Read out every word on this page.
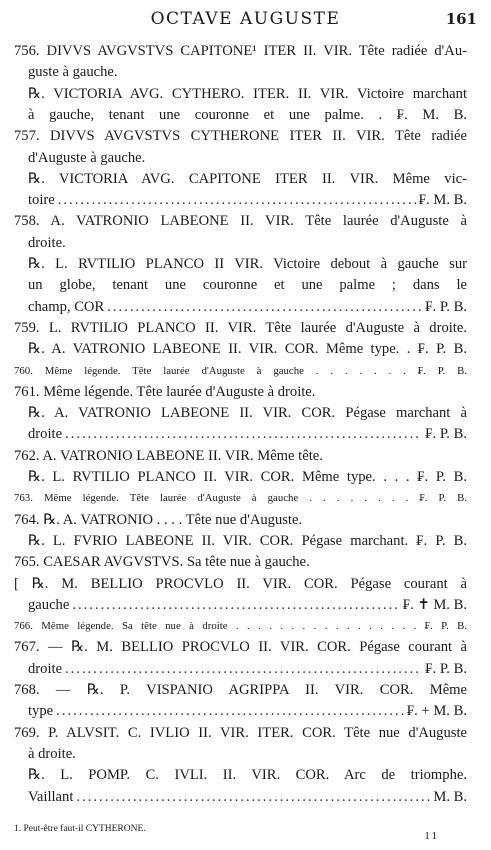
OCTAVE AUGUSTE	161
756. DIVVS AVGVSTVS CAPITONE¹ ITER II. VIR. Tête radiée d'Au-
guste à gauche.
℞. VICTORIA AVG. CYTHERO. ITER. II. VIR. Victoire marchant
à gauche, tenant une couronne et une palme. . ₣. M. B.
757. DIVVS AVGVSTVS CYTHERONE ITER II. VIR. Tête radiée
d'Auguste à gauche.
℞. VICTORIA AVG. CAPITONE ITER II. VIR. Même vic-
toire .....	₣. M. B.
758. A. VATRONIO LABEONE II. VIR. Tête laurée d'Auguste à
droite.
℞. L. RVTILIO PLANCO II VIR. Victoire debout à gauche sur
un globe, tenant une couronne et une palme ; dans le
champ, COR .....	₣. P. B.
759. L. RVTILIO PLANCO II. VIR. Tête laurée d'Auguste à droite.
℞. A. VATRONIO LABEONE II. VIR. COR. Même type. . ₣. P. B.
760. Même légende. Tête laurée d'Auguste à gauche . . . . . . . ₣. P. B.
761. Même légende. Tête laurée d'Auguste à droite.
℞. A. VATRONIO LABEONE II. VIR. COR. Pégase marchant à
droite .....	₣. P. B.
762. A. VATRONIO LABEONE II. VIR. Même tête.
℞. L. RVTILIO PLANCO II. VIR. COR. Même type. . . . ₣. P. B.
763. Même légende. Tête laurée d'Auguste à gauche . . . . . . . . ₣. P. B.
764. ℞. A. VATRONIO . . . . Tête nue d'Auguste.
℞. L. FVRIO LABEONE II. VIR. COR. Pégase marchant. ₣. P. B.
765. CAESAR AVGVSTVS. Sa tête nue à gauche.
[ ℞. M. BELLIO PROCVLO II. VIR. COR. Pégase courant à
gauche .....	₣. ✝ M. B.
766. Même légende. Sa tête nue à droite . . . . . . . . . . . . . . . . . ₣. P. B.
767. — ℞. M. BELLIO PROCVLO II. VIR. COR. Pégase courant à
droite .....	₣. P. B.
768. — ℞. P. VISPANIO AGRIPPA II. VIR. COR. Même
type .....	₣. + M. B.
769. P. ALVSIT. C. IVLIO II. VIR. ITER. COR. Tête nue d'Auguste
à droite.
℞. L. POMP. C. IVLI. II. VIR. COR. Arc de triomphe.
Vaillant .....	M. B.
1. Peut-être faut-il CYTHERONE.
11
